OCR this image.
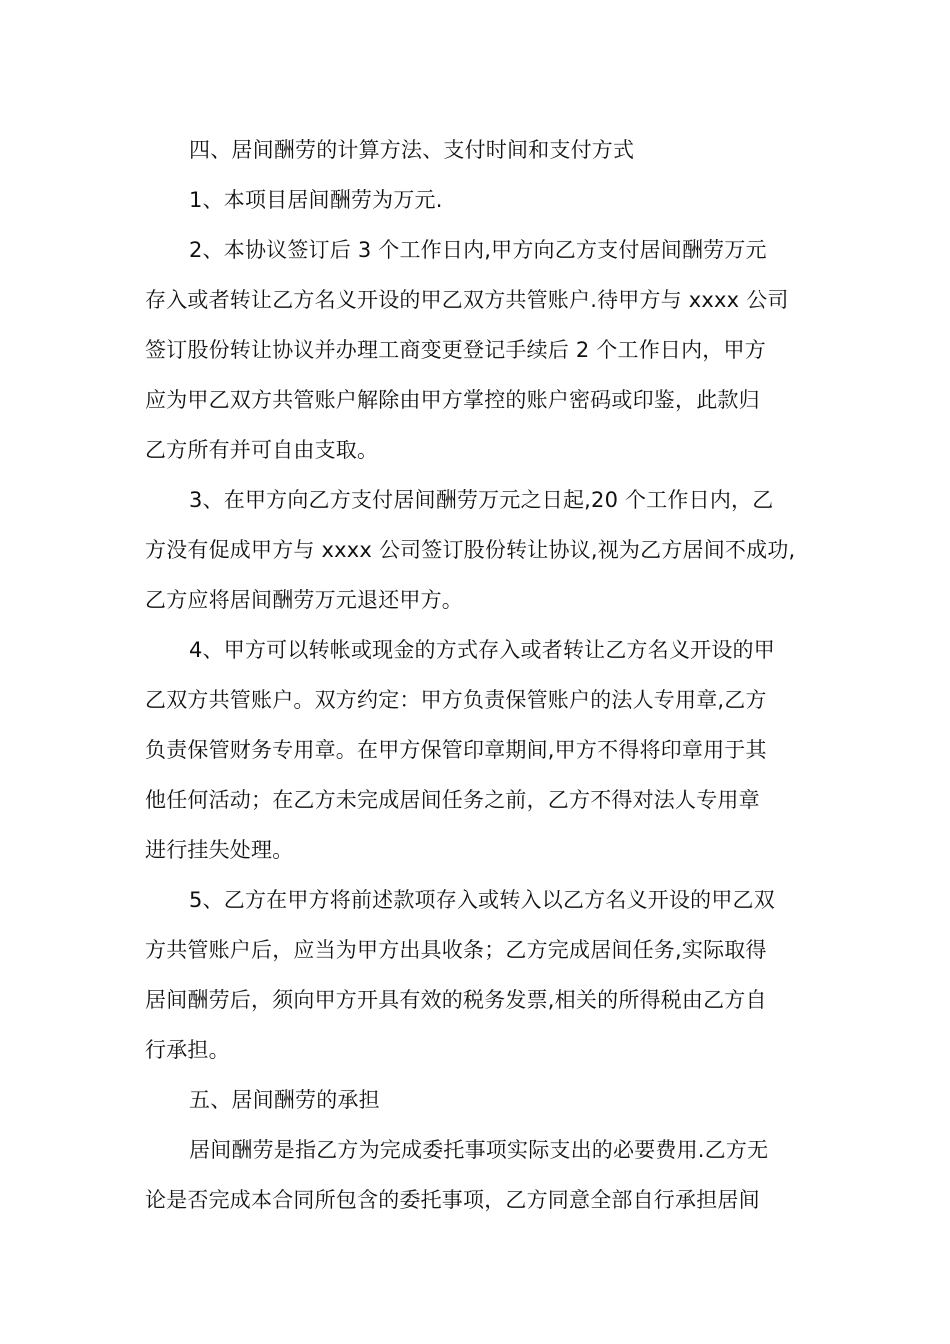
四、居间酬劳的计算方法、支付时间和支付方式
1、本项目居间酬劳为万元.
2、本协议签订后 3 个工作日内,甲方向乙方支付居间酬劳万元
存入或者转让乙方名义开设的甲乙双方共管账户.待甲方与 xxxx 公司
签订股份转让协议并办理工商变更登记手续后 2 个工作日内，甲方
应为甲乙双方共管账户解除由甲方掌控的账户密码或印鉴，此款归
乙方所有并可自由支取。
3、在甲方向乙方支付居间酬劳万元之日起,20 个工作日内，乙
方没有促成甲方与 xxxx 公司签订股份转让协议,视为乙方居间不成功,
乙方应将居间酬劳万元退还甲方。
4、甲方可以转帐或现金的方式存入或者转让乙方名义开设的甲
乙双方共管账户。双方约定：甲方负责保管账户的法人专用章,乙方
负责保管财务专用章。在甲方保管印章期间,甲方不得将印章用于其
他任何活动；在乙方未完成居间任务之前，乙方不得对法人专用章
进行挂失处理。
5、乙方在甲方将前述款项存入或转入以乙方名义开设的甲乙双
方共管账户后，应当为甲方出具收条；乙方完成居间任务,实际取得
居间酬劳后，须向甲方开具有效的税务发票,相关的所得税由乙方自
行承担。
五、居间酬劳的承担
居间酬劳是指乙方为完成委托事项实际支出的必要费用.乙方无
论是否完成本合同所包含的委托事项，乙方同意全部自行承担居间
